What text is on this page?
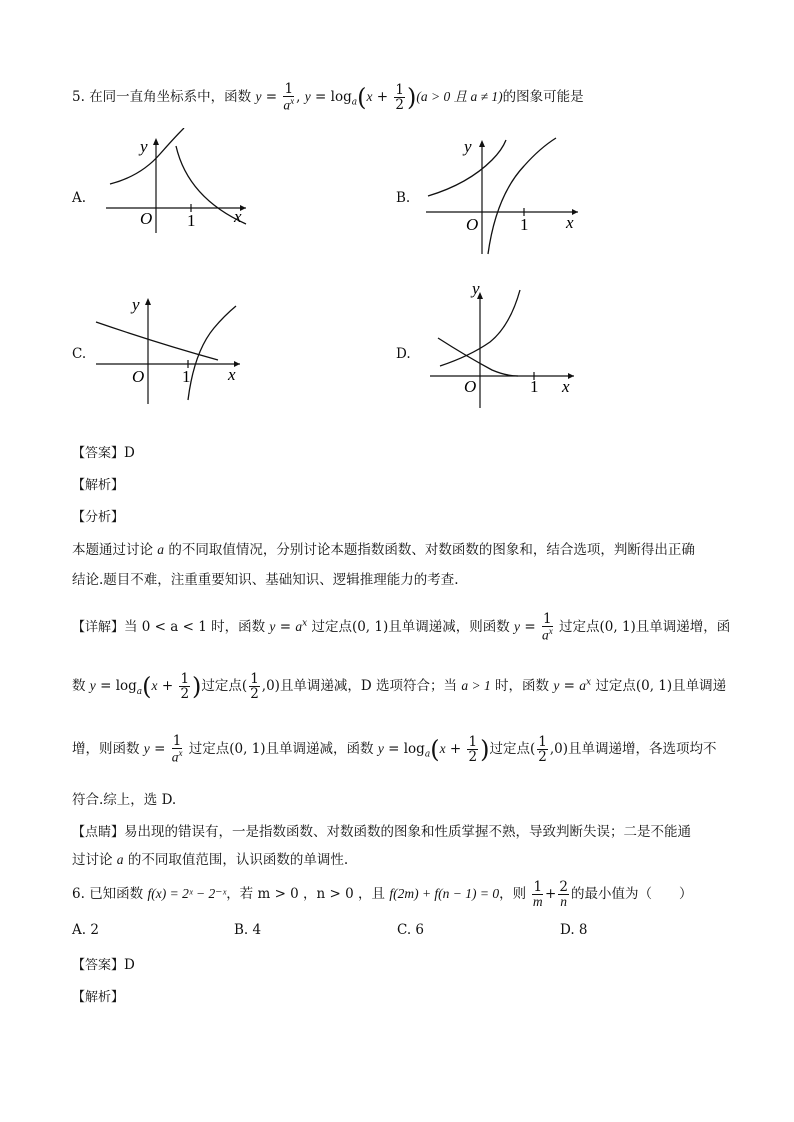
5. 在同一直角坐标系中，函数 $y = \frac{1}{a^x}$ , $y = \log_a(x + \frac{1}{2} )(a > 0$ 且 a ≠ 1)的图象可能是
A.	B.
C.	D.
y
x
O 1
y
x
O 1
y
x
O 1
y
x
O	1
【答案】D
【解析】
【分析】
本题通过讨论 a 的不同取值情况，分别讨论本题指数函数、对数函数的图象和，结合选项，判断得出正确
结论.题目不难，注重重要知识、基础知识、逻辑推理能力的考查.
【详解】当 0 < a < 1 时，函数 $y = a^x$ 过定点(0, 1)且单调递减，则函数 $y = \frac{1}{a^x}$ 过定点(0, 1)且单调递增，函
数 $y = \log_a(x + \frac{1}{2}$ )过定点( $\frac{1}{2} ,0$)且单调递减，D 选项符合；当 a > 1 时，函数 $y = a^x$ 过定点(0, 1)且单调递
增，则函数 $y = \frac{1}{a^x}$ 过定点(0, 1)且单调递减，函数 $y = \log_a(x + \frac{1}{2}$ )过定点( $\frac{1}{2} ,0$)且单调递增，各选项均不
符合.综上，选 D.
【点睛】易出现的错误有，一是指数函数、对数函数的图象和性质掌握不熟，导致判断失误；二是不能通
过讨论 a 的不同取值范围，认识函数的单调性.
6. 已知函数 f(x) = 2ˣ − 2⁻ˣ，若 m > 0 ，n > 0 ，且 f(2m) + f(n − 1) = 0，则 $\frac{1}{m} + \frac{2}{n}$ 的最小值为（　　）
A. 2	B. 4	C. 6	D. 8
【答案】D
【解析】
